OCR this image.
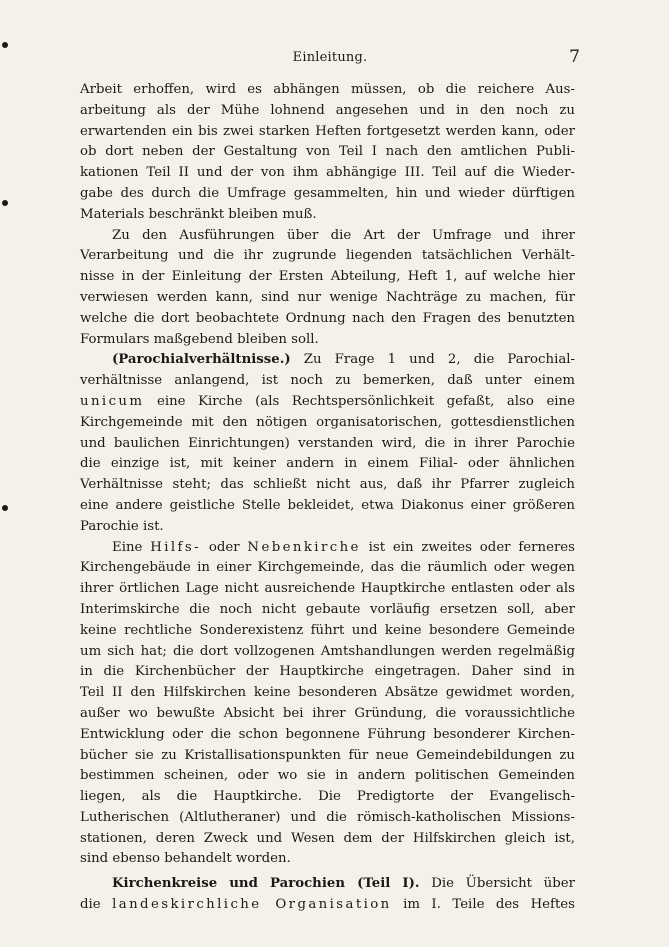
Einleitung.	7
Arbeit erhoffen, wird es abhängen müssen, ob die reichere Aus-
arbeitung als der Mühe lohnend angesehen und in den noch zu
erwartenden ein bis zwei starken Heften fortgesetzt werden kann, oder
ob dort neben der Gestaltung von Teil I nach den amtlichen Publi-
kationen Teil II und der von ihm abhängige III. Teil auf die Wieder-
gabe des durch die Umfrage gesammelten, hin und wieder dürftigen
Materials beschränkt bleiben muß.
Zu den Ausführungen über die Art der Umfrage und ihrer
Verarbeitung und die ihr zugrunde liegenden tatsächlichen Verhält-
nisse in der Einleitung der Ersten Abteilung, Heft 1, auf welche hier
verwiesen werden kann, sind nur wenige Nachträge zu machen, für
welche die dort beobachtete Ordnung nach den Fragen des benutzten
Formulars maßgebend bleiben soll.
(Parochialverhältnisse.) Zu Frage 1 und 2, die Parochial-
verhältnisse anlangend, ist noch zu bemerken, daß unter einem
unicum eine Kirche (als Rechtspersönlichkeit gefaßt, also eine
Kirchgemeinde mit den nötigen organisatorischen, gottesdienstlichen
und baulichen Einrichtungen) verstanden wird, die in ihrer Parochie
die einzige ist, mit keiner andern in einem Filial- oder ähnlichen
Verhältnisse steht; das schließt nicht aus, daß ihr Pfarrer zugleich
eine andere geistliche Stelle bekleidet, etwa Diakonus einer größeren
Parochie ist.
Eine Hilfs- oder Nebenkirche ist ein zweites oder ferneres
Kirchengebäude in einer Kirchgemeinde, das die räumlich oder wegen
ihrer örtlichen Lage nicht ausreichende Hauptkirche entlasten oder als
Interimskirche die noch nicht gebaute vorläufig ersetzen soll, aber
keine rechtliche Sonderexistenz führt und keine besondere Gemeinde
um sich hat; die dort vollzogenen Amtshandlungen werden regelmäßig
in die Kirchenbücher der Hauptkirche eingetragen. Daher sind in
Teil II den Hilfskirchen keine besonderen Absätze gewidmet worden,
außer wo bewußte Absicht bei ihrer Gründung, die voraussichtliche
Entwicklung oder die schon begonnene Führung besonderer Kirchen-
bücher sie zu Kristallisationspunkten für neue Gemeindebildungen zu
bestimmen scheinen, oder wo sie in andern politischen Gemeinden
liegen, als die Hauptkirche. Die Predigtorte der Evangelisch-
Lutherischen (Altlutheraner) und die römisch-katholischen Missions-
stationen, deren Zweck und Wesen dem der Hilfskirchen gleich ist,
sind ebenso behandelt worden.
Kirchenkreise und Parochien (Teil I). Die Übersicht über
die landeskirchliche Organisation im I. Teile des Heftes
